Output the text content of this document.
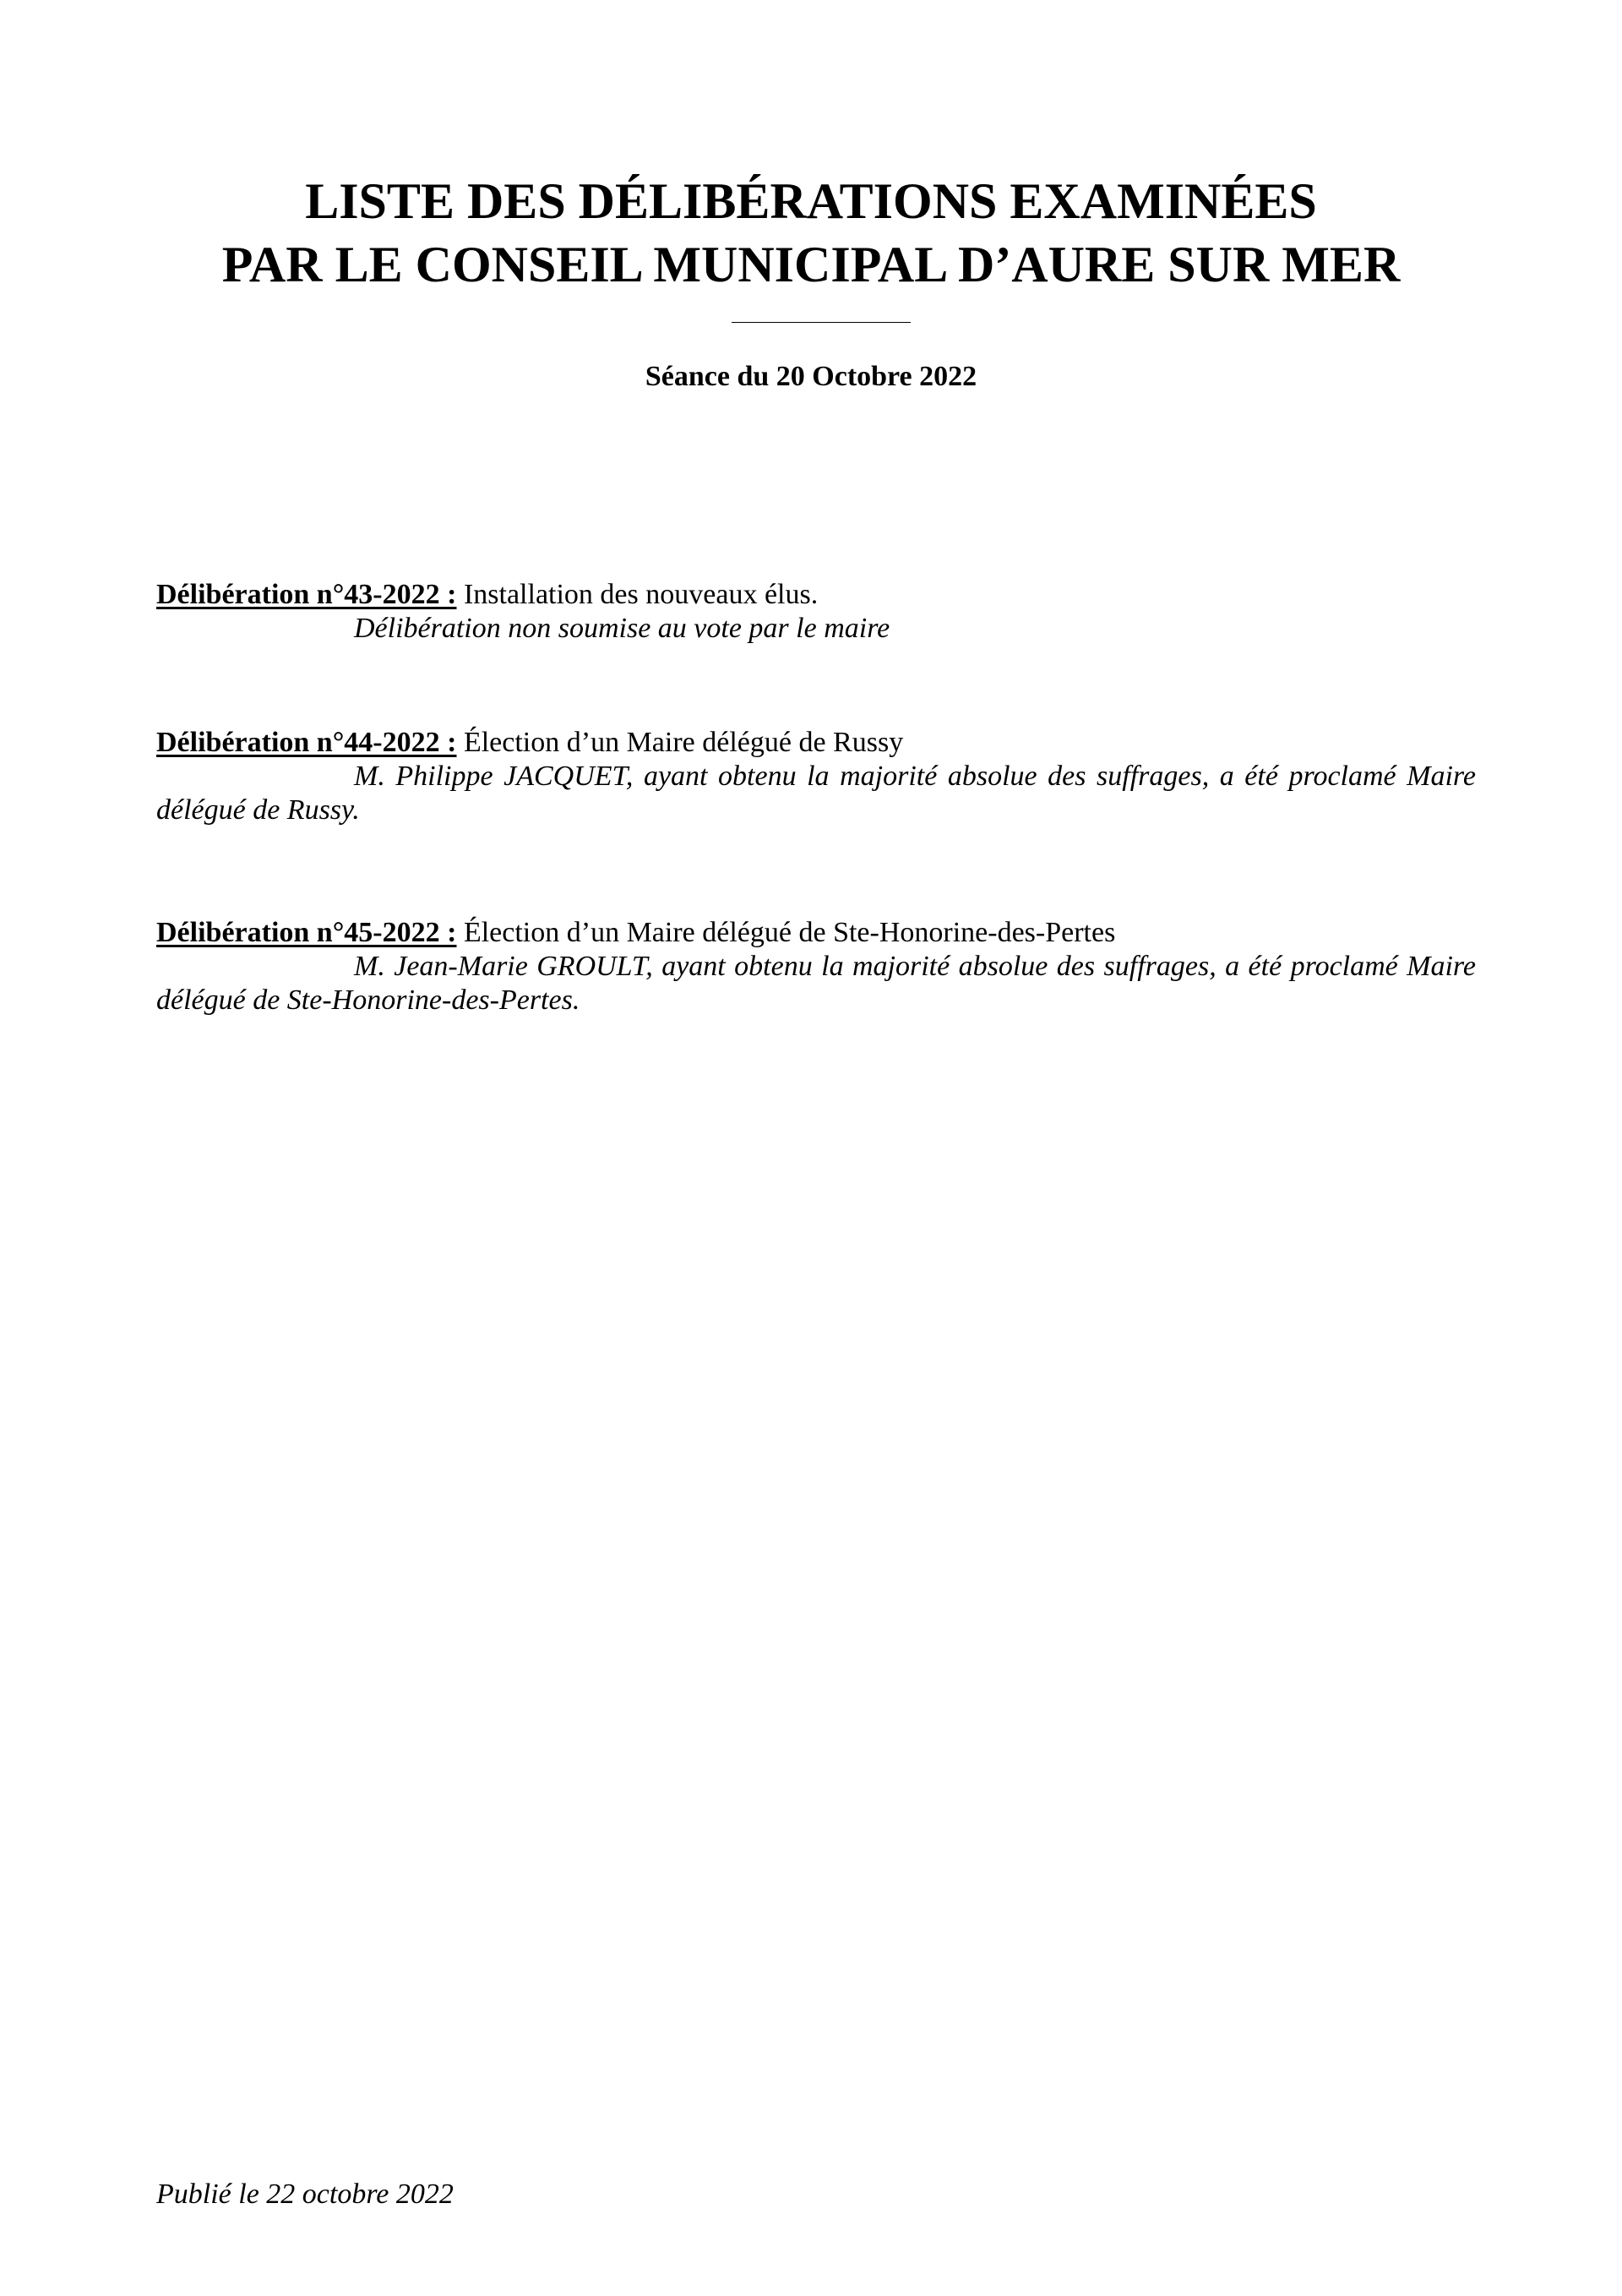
LISTE DES DÉLIBÉRATIONS EXAMINÉES
PAR LE CONSEIL MUNICIPAL D’AURE SUR MER
Séance du 20 Octobre 2022
Délibération n°43-2022 : Installation des nouveaux élus.

Délibération non soumise au vote par le maire

Délibération n°44-2022 : Élection d’un Maire délégué de Russy

M. Philippe JACQUET, ayant obtenu la majorité absolue des suffrages, a été proclamé Maire délégué de Russy.

Délibération n°45-2022 : Élection d’un Maire délégué de Ste-Honorine-des-Pertes

M. Jean-Marie GROULT, ayant obtenu la majorité absolue des suffrages, a été proclamé Maire délégué de Ste-Honorine-des-Pertes.

Publié le 22 octobre 2022
